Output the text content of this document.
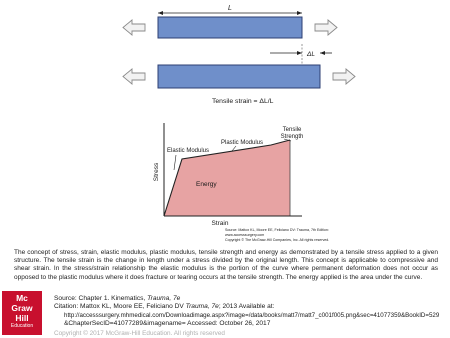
L
ΔL
Tensile strain = ΔL/L
Stress
Strain
Tensile
Strength
Plastic Modulus
Elastic Modulus
Energy
Source: Mattox KL, Moore EE, Feliciano DV: Trauma, 7th Edition:
www.accesssurgery.com
Copyright © The McGraw-Hill Companies, Inc. All rights reserved.
The concept of stress, strain, elastic modulus, plastic modulus, tensile strength and energy as demonstrated by a tensile stress applied to a given structure. The tensile strain is the change in length under a stress divided by the original length. This concept is applicable to compressive and shear strain. In the stress/strain relationship the elastic modulus is the portion of the curve where permanent deformation does not occur as opposed to the plastic modulus where it does fracture or tearing occurs at the tensile strength. The energy applied is the area under the curve.
Mc
Graw
Hill
Education
Source: Chapter 1. Kinematics, Trauma, 7e
Citation: Mattox KL, Moore EE, Feliciano DV Trauma, 7e; 2013 Available at:
http://accesssurgery.mhmedical.com/Downloadimage.aspx?image=/data/books/matt7/matt7_c001f005.png&sec=41077359&BookID=529
&ChapterSecID=41077289&imagename= Accessed: October 26, 2017
Copyright © 2017 McGraw-Hill Education. All rights reserved
